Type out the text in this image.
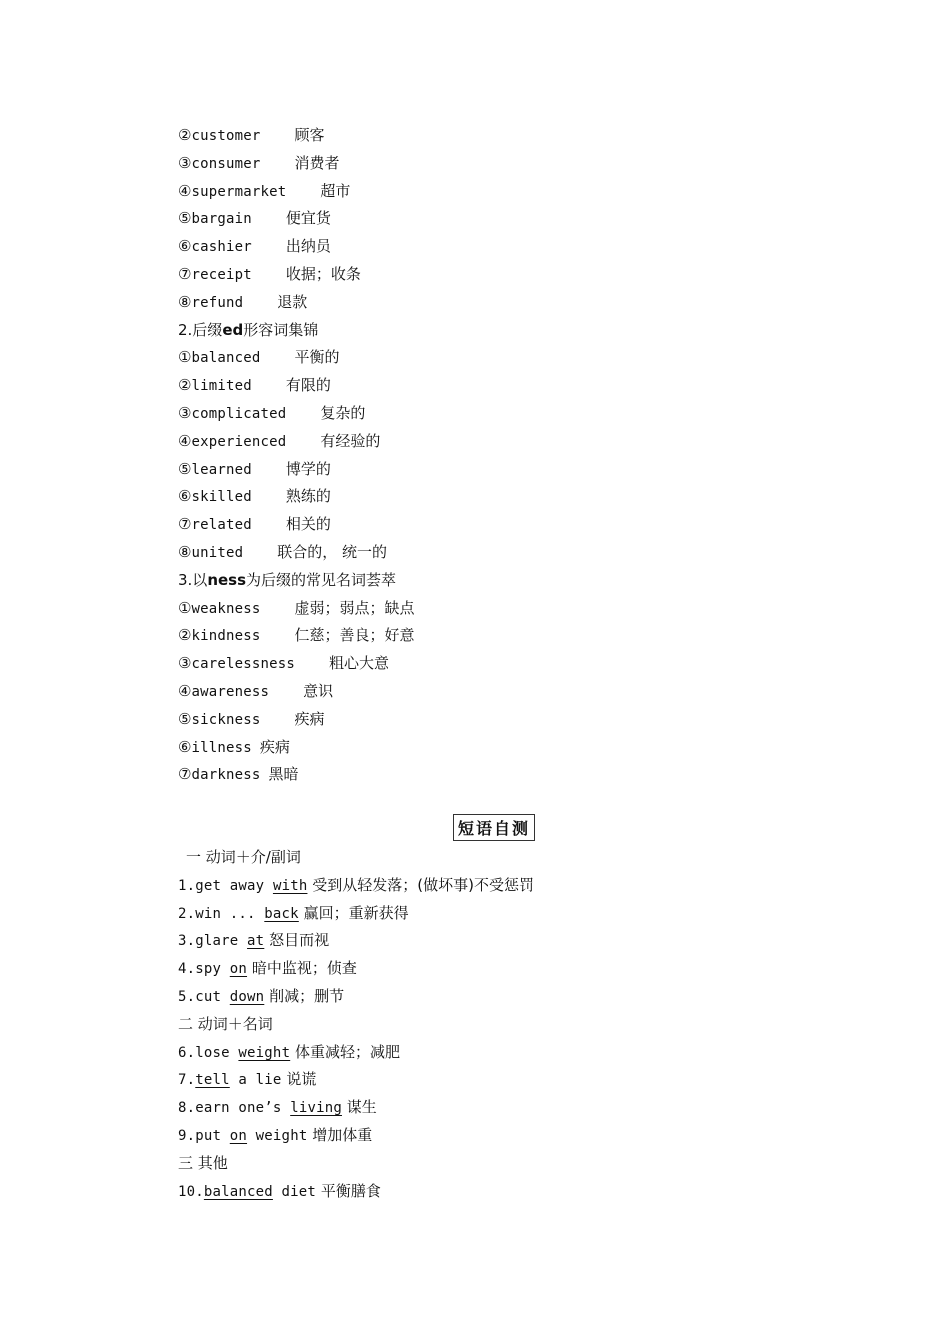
②customer 顾客
③consumer 消费者
④supermarket 超市
⑤bargain 便宜货
⑥cashier 出纳员
⑦receipt 收据；收条
⑧refund 退款
2.后缀ed形容词集锦
①balanced 平衡的
②limited 有限的
③complicated 复杂的
④experienced 有经验的
⑤learned 博学的
⑥skilled 熟练的
⑦related 相关的
⑧united 联合的， 统一的
3.以ness为后缀的常见名词荟萃
①weakness 虚弱；弱点；缺点
②kindness 仁慈；善良；好意
③carelessness 粗心大意
④awareness 意识
⑤sickness 疾病
⑥illness 疾病
⑦darkness 黑暗
短语自测
一 动词＋介/副词
1.get away with 受到从轻发落；(做坏事)不受惩罚
2.win ... back 赢回；重新获得
3.glare at 怒目而视
4.spy on 暗中监视；侦查
5.cut down 削减；删节
二 动词＋名词
6.lose weight 体重减轻；减肥
7.tell a lie 说谎
8.earn one’s living 谋生
9.put on weight 增加体重
三 其他
10.balanced diet 平衡膳食
